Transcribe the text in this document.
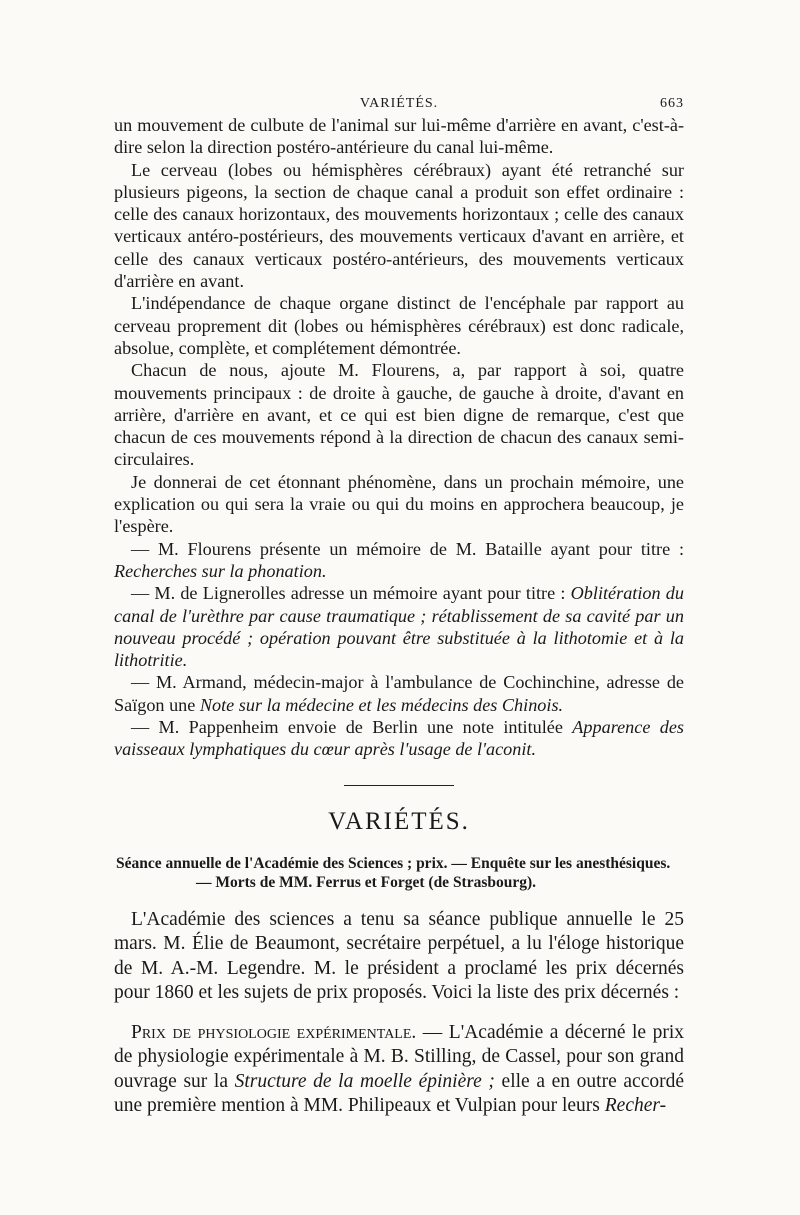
VARIÉTÉS.	663

un mouvement de culbute de l'animal sur lui-même d'arrière en avant, c'est-à-dire selon la direction postéro-antérieure du canal lui-même.

Le cerveau (lobes ou hémisphères cérébraux) ayant été retranché sur plusieurs pigeons, la section de chaque canal a produit son effet ordinaire : celle des canaux horizontaux, des mouvements horizontaux ; celle des canaux verticaux antéro-postérieurs, des mouvements verticaux d'avant en arrière, et celle des canaux verticaux postéro-antérieurs, des mouvements verticaux d'arrière en avant.

L'indépendance de chaque organe distinct de l'encéphale par rapport au cerveau proprement dit (lobes ou hémisphères cérébraux) est donc radicale, absolue, complète, et complétement démontrée.

Chacun de nous, ajoute M. Flourens, a, par rapport à soi, quatre mouvements principaux : de droite à gauche, de gauche à droite, d'avant en arrière, d'arrière en avant, et ce qui est bien digne de remarque, c'est que chacun de ces mouvements répond à la direction de chacun des canaux semi-circulaires.

Je donnerai de cet étonnant phénomène, dans un prochain mémoire, une explication ou qui sera la vraie ou qui du moins en approchera beaucoup, je l'espère.

— M. Flourens présente un mémoire de M. Bataille ayant pour titre : Recherches sur la phonation.

— M. de Lignerolles adresse un mémoire ayant pour titre : Oblitération du canal de l'urèthre par cause traumatique ; rétablissement de sa cavité par un nouveau procédé ; opération pouvant être substituée à la lithotomie et à la lithotritie.

— M. Armand, médecin-major à l'ambulance de Cochinchine, adresse de Saïgon une Note sur la médecine et les médecins des Chinois.

— M. Pappenheim envoie de Berlin une note intitulée Apparence des vaisseaux lymphatiques du cœur après l'usage de l'aconit.

VARIÉTÉS.

Séance annuelle de l'Académie des Sciences ; prix. — Enquête sur les anesthésiques. — Morts de MM. Ferrus et Forget (de Strasbourg).

L'Académie des sciences a tenu sa séance publique annuelle le 25 mars. M. Élie de Beaumont, secrétaire perpétuel, a lu l'éloge historique de M. A.-M. Legendre. M. le président a proclamé les prix décernés pour 1860 et les sujets de prix proposés. Voici la liste des prix décernés :

Prix de physiologie expérimentale. — L'Académie a décerné le prix de physiologie expérimentale à M. B. Stilling, de Cassel, pour son grand ouvrage sur la Structure de la moelle épinière ; elle a en outre accordé une première mention à MM. Philipeaux et Vulpian pour leurs Recher-
